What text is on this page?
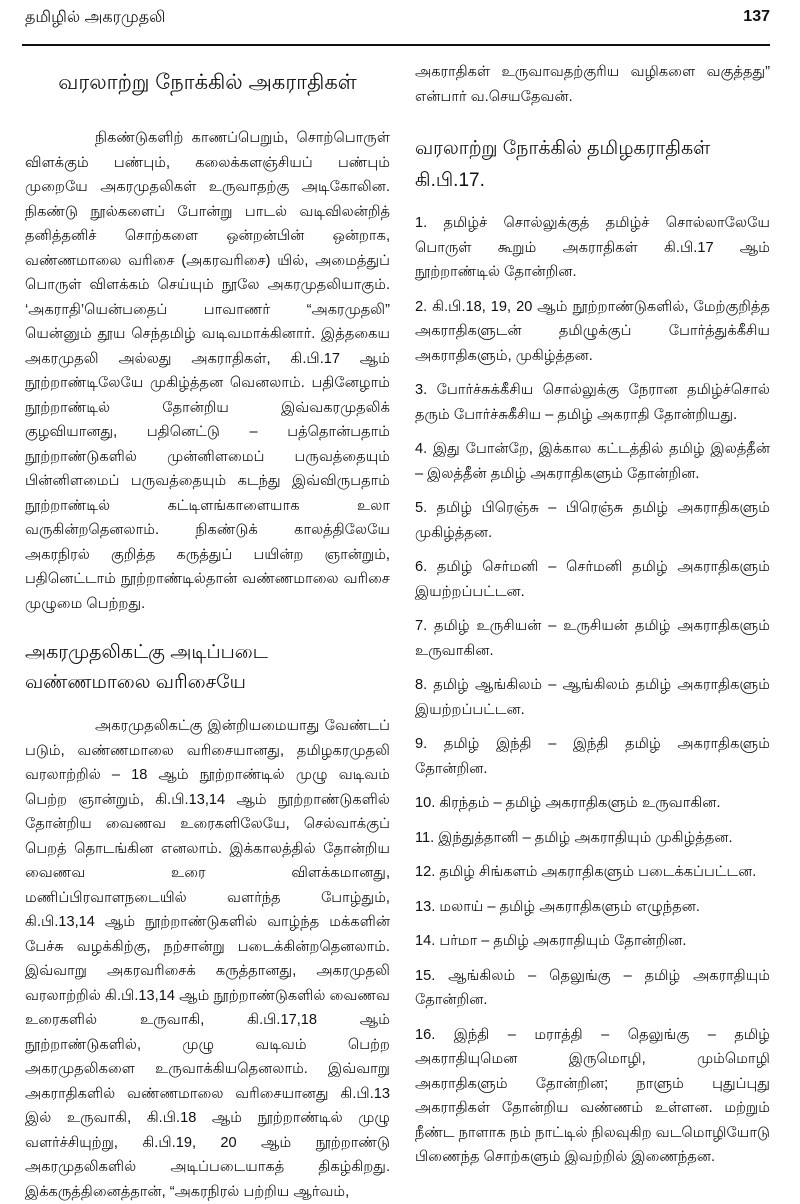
தமிழில் அகரமுதலி	137
வரலாற்று நோக்கில் அகராதிகள்

நிகண்டுகளிற் காணப்பெறும், சொற்பொருள் விளக்கும் பண்பும், கலைக்களஞ்சியப் பண்பும் முறையே அகரமுதலிகள் உருவாதற்கு அடிகோலின. நிகண்டு நூல்களைப் போன்று பாடல் வடிவிலன்றித் தனித்தனிச் சொற்களை ஒன்றன்பின் ஒன்றாக, வண்ணமாலை வரிசை (அகரவரிசை) யில், அமைத்துப் பொருள் விளக்கம் செய்யும் நூலே அகரமுதலியாகும். ‘அகராதி’யென்பதைப் பாவாணர் “அகரமுதலி” யென்னும் தூய செந்தமிழ் வடிவமாக்கினார். இத்தகைய அகரமுதலி அல்லது அகராதிகள், கி.பி.17 ஆம் நூற்றாண்டிலேயே முகிழ்த்தன வெனலாம். பதினேழாம் நூற்றாண்டில் தோன்றிய இவ்வகரமுதலிக் குழவியானது, பதினெட்டு – பத்தொன்பதாம் நூற்றாண்டுகளில் முன்னிளமைப் பருவத்தையும் பின்னிளமைப் பருவத்தையும் கடந்து இவ்விருபதாம் நூற்றாண்டில் கட்டிளங்காளையாக உலா வருகின்றதெனலாம். நிகண்டுக் காலத்திலேயே அகரநிரல் குறித்த கருத்துப் பயின்ற ஞான்றும், பதினெட்டாம் நூற்றாண்டில்தான் வண்ணமாலை வரிசை முழுமை பெற்றது.

அகரமுதலிகட்கு அடிப்படை
வண்ணமாலை வரிசையே

அகரமுதலிகட்கு இன்றியமையாது வேண்டப் படும், வண்ணமாலை வரிசையானது, தமிழகரமுதலி வரலாற்றில் – 18 ஆம் நூற்றாண்டில் முழு வடிவம் பெற்ற ஞான்றும், கி.பி.13,14 ஆம் நூற்றாண்டுகளில் தோன்றிய வைணவ உரைகளிலேயே, செல்வாக்குப் பெறத் தொடங்கின எனலாம். இக்காலத்தில் தோன்றிய வைணவ உரை விளக்கமானது, மணிப்பிரவாளநடையில் வளர்ந்த போழ்தும், கி.பி.13,14 ஆம் நூற்றாண்டுகளில் வாழ்ந்த மக்களின் பேச்சு வழக்கிற்கு, நற்சான்று படைக்கின்றதெனலாம். இவ்வாறு அகரவரிசைக் கருத்தானது, அகரமுதலி வரலாற்றில் கி.பி.13,14 ஆம் நூற்றாண்டுகளில் வைணவ உரைகளில் உருவாகி, கி.பி.17,18 ஆம் நூற்றாண்டுகளில், முழு வடிவம் பெற்ற அகரமுதலிகளை உருவாக்கியதெனலாம். இவ்வாறு அகராதிகளில் வண்ணமாலை வரிசையானது கி.பி.13 இல் உருவாகி, கி.பி.18 ஆம் நூற்றாண்டில் முழு வளர்ச்சியுற்று, கி.பி.19, 20 ஆம் நூற்றாண்டு அகரமுதலிகளில் அடிப்படையாகத் திகழ்கிறது. இக்கருத்தினைத்தான், “அகரநிரல் பற்றிய ஆர்வம்,

அகராதிகள் உருவாவதற்குரிய வழிகளை வகுத்தது” என்பார் வ.செயதேவன்.

வரலாற்று நோக்கில் தமிழகராதிகள் கி.பி.17.

1. தமிழ்ச் சொல்லுக்குத் தமிழ்ச் சொல்லாலேயே பொருள் கூறும் அகராதிகள் கி.பி.17 ஆம் நூற்றாண்டில் தோன்றின.

2. கி.பி.18, 19, 20 ஆம் நூற்றாண்டுகளில், மேற்குறித்த அகராதிகளுடன் தமிழுக்குப் போர்த்துக்கீசிய அகராதிகளும், முகிழ்த்தன.

3. போர்ச்சுக்கீசிய சொல்லுக்கு நேரான தமிழ்ச்சொல் தரும் போர்ச்சுகீசிய – தமிழ் அகராதி தோன்றியது.

4. இது போன்றே, இக்கால கட்டத்தில் தமிழ் இலத்தீன் – இலத்தீன் தமிழ் அகராதிகளும் தோன்றின.

5. தமிழ் பிரெஞ்சு – பிரெஞ்சு தமிழ் அகராதிகளும் முகிழ்த்தன.

6. தமிழ் செர்மனி – செர்மனி தமிழ் அகராதிகளும் இயற்றப்பட்டன.

7. தமிழ் உருசியன் – உருசியன் தமிழ் அகராதிகளும் உருவாகின.

8. தமிழ் ஆங்கிலம் – ஆங்கிலம் தமிழ் அகராதிகளும் இயற்றப்பட்டன.

9. தமிழ் இந்தி – இந்தி தமிழ் அகராதிகளும் தோன்றின.

10. கிரந்தம் – தமிழ் அகராதிகளும் உருவாகின.

11. இந்துத்தானி – தமிழ் அகராதியும் முகிழ்த்தன.

12. தமிழ் சிங்களம் அகராதிகளும் படைக்கப்பட்டன.

13. மலாய் – தமிழ் அகராதிகளும் எழுந்தன.

14. பர்மா – தமிழ் அகராதியும் தோன்றின.

15. ஆங்கிலம் – தெலுங்கு – தமிழ் அகராதியும் தோன்றின.

16. இந்தி – மராத்தி – தெலுங்கு – தமிழ் அகராதியுமென இருமொழி, மும்மொழி அகராதிகளும் தோன்றின; நாளும் புதுப்புது அகராதிகள் தோன்றிய வண்ணம் உள்ளன. மற்றும் நீண்ட நாளாக நம் நாட்டில் நிலவுகிற வடமொழியோடு பிணைந்த சொற்களும் இவற்றில் இணைந்தன.
